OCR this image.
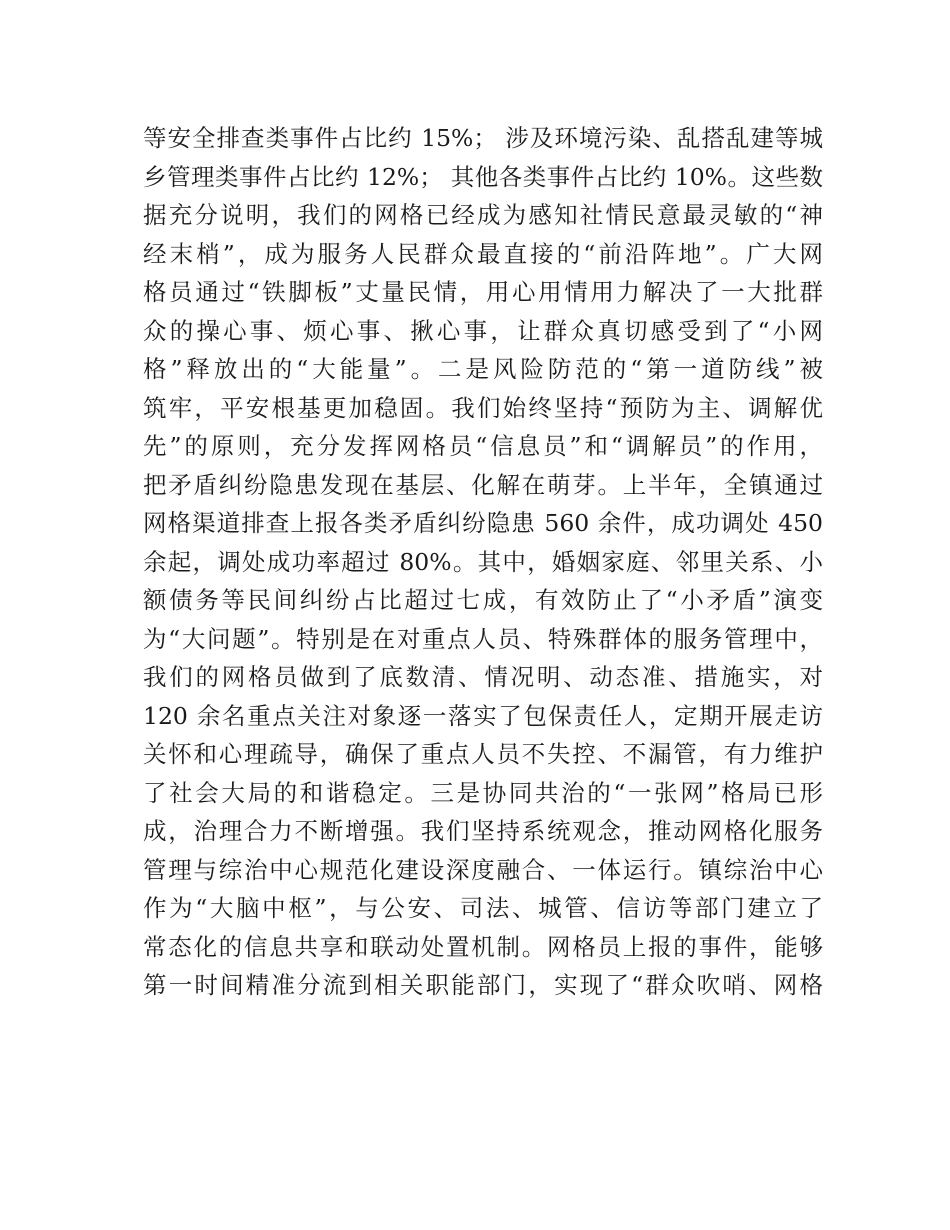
等安全排查类事件占比约 15%； 涉及环境污染、乱搭乱建等城
乡管理类事件占比约 12%； 其他各类事件占比约 10%。这些数
据充分说明，我们的网格已经成为感知社情民意最灵敏的“神
经末梢”，成为服务人民群众最直接的“前沿阵地”。广大网
格员通过“铁脚板”丈量民情，用心用情用力解决了一大批群
众的操心事、烦心事、揪心事，让群众真切感受到了“小网
格”释放出的“大能量”。二是风险防范的“第一道防线”被
筑牢，平安根基更加稳固。我们始终坚持“预防为主、调解优
先”的原则，充分发挥网格员“信息员”和“调解员”的作用，
把矛盾纠纷隐患发现在基层、化解在萌芽。上半年，全镇通过
网格渠道排查上报各类矛盾纠纷隐患 560 余件，成功调处 450
余起，调处成功率超过 80%。其中，婚姻家庭、邻里关系、小
额债务等民间纠纷占比超过七成，有效防止了“小矛盾”演变
为“大问题”。特别是在对重点人员、特殊群体的服务管理中，
我们的网格员做到了底数清、情况明、动态准、措施实，对
120 余名重点关注对象逐一落实了包保责任人，定期开展走访
关怀和心理疏导，确保了重点人员不失控、不漏管，有力维护
了社会大局的和谐稳定。三是协同共治的“一张网”格局已形
成，治理合力不断增强。我们坚持系统观念，推动网格化服务
管理与综治中心规范化建设深度融合、一体运行。镇综治中心
作为“大脑中枢”，与公安、司法、城管、信访等部门建立了
常态化的信息共享和联动处置机制。网格员上报的事件，能够
第一时间精准分流到相关职能部门，实现了“群众吹哨、网格
